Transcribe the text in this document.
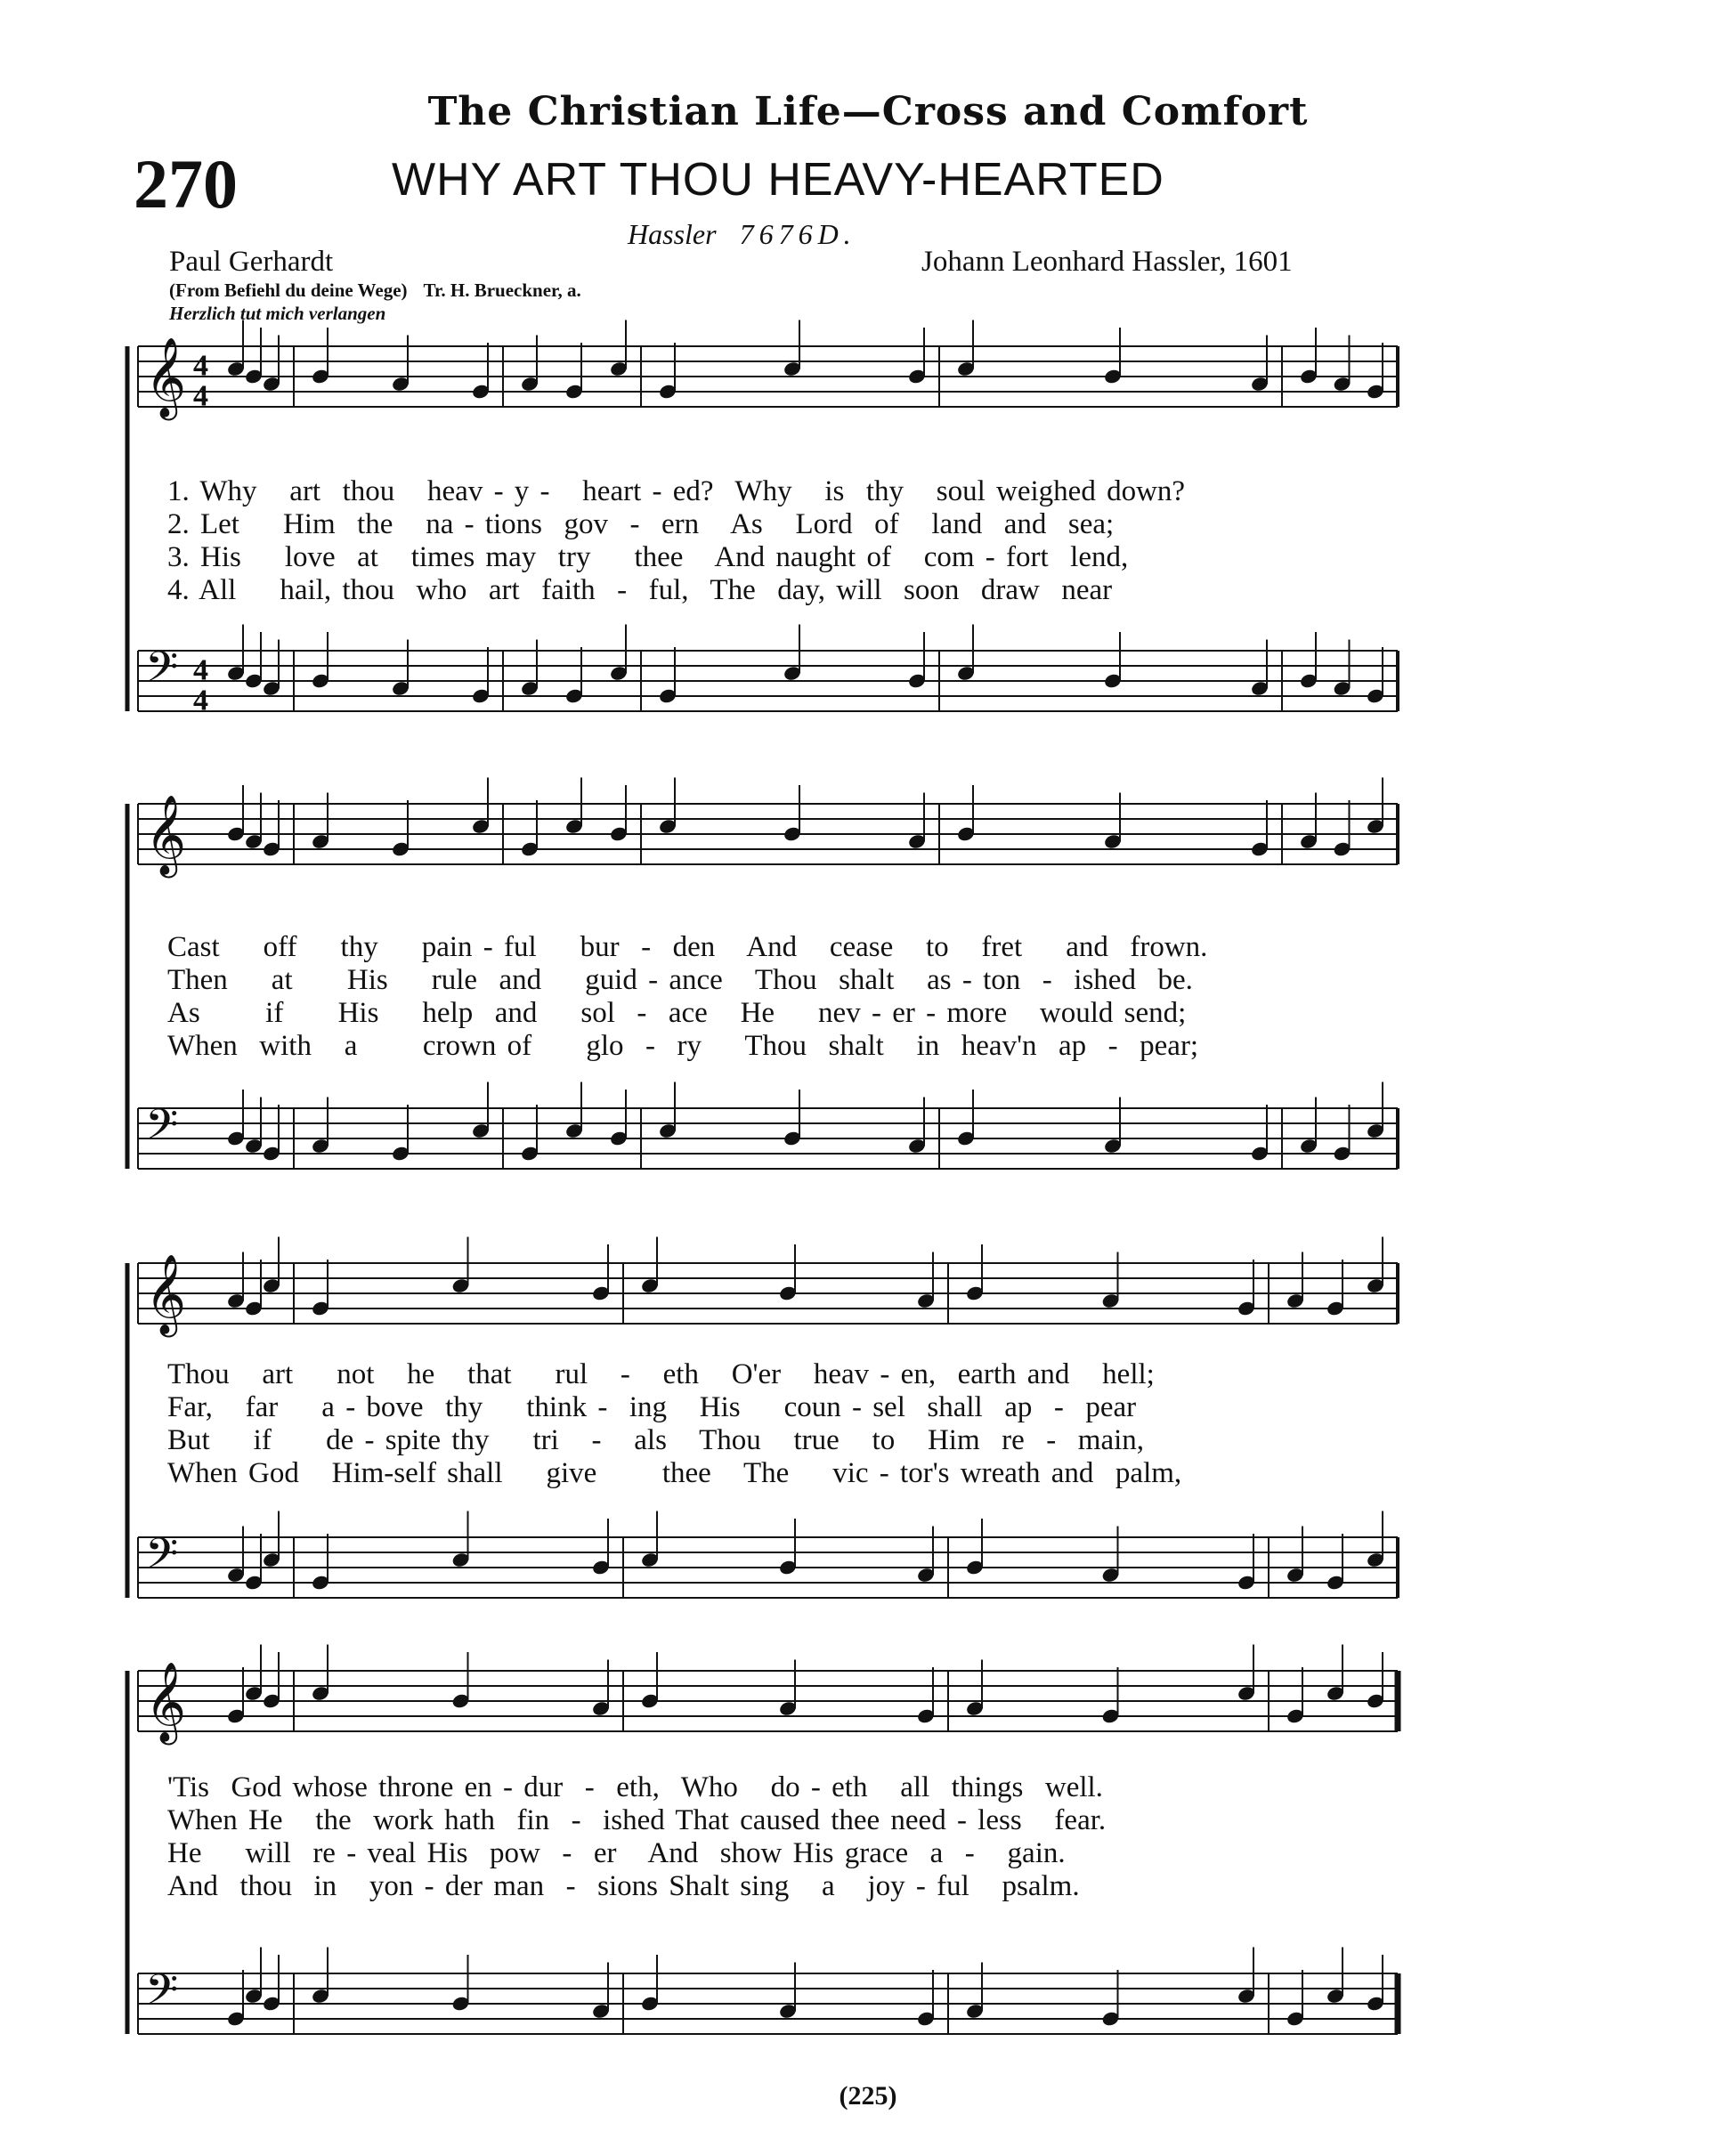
The Christian Life—Cross and Comfort
270	WHY ART THOU HEAVY-HEARTED
Hassler 7676D.
Paul Gerhardt	Johann Leonhard Hassler, 1601
(From Befiehl du deine Wege) Tr. H. Brueckner, a.
Herzlich tut mich verlangen
𝄞 4
4
𝄢 4
4
𝄞
𝄢
𝄞
𝄢
𝄞
𝄢
1. Why   art  thou   heav - y -   heart - ed?  Why   is  thy   soul weighed down?
2. Let    Him  the   na - tions  gov  -  ern   As   Lord  of   land  and  sea;
3. His    love  at   times may  try    thee   And naught of   com - fort  lend,
4. All    hail, thou  who  art  faith  -  ful,  The  day, will  soon  draw  near
Cast    off    thy    pain - ful    bur  -  den   And   cease   to   fret    and  frown.
Then    at     His    rule  and    guid - ance   Thou  shalt   as - ton  -  ished  be.
As      if     His    help  and    sol  -  ace   He    nev - er - more   would send;
When  with   a      crown of     glo  -  ry    Thou  shalt   in  heav'n  ap  -  pear;
Thou   art    not   he   that    rul   -   eth   O'er   heav - en,  earth and   hell;
Far,   far    a - bove  thy    think -  ing   His    coun - sel  shall  ap  -  pear
But    if     de - spite thy    tri   -   als   Thou   true   to   Him  re  -  main,
When God   Him-self shall    give      thee   The    vic - tor's wreath and  palm,
'Tis  God whose throne en - dur  -  eth,  Who   do - eth   all  things  well.
When He   the  work hath  fin  -  ished That caused thee need - less   fear.
He    will  re - veal His  pow  -  er   And  show His grace  a  -   gain.
And  thou  in   yon - der man  -  sions Shalt sing   a   joy - ful   psalm.
(225)
